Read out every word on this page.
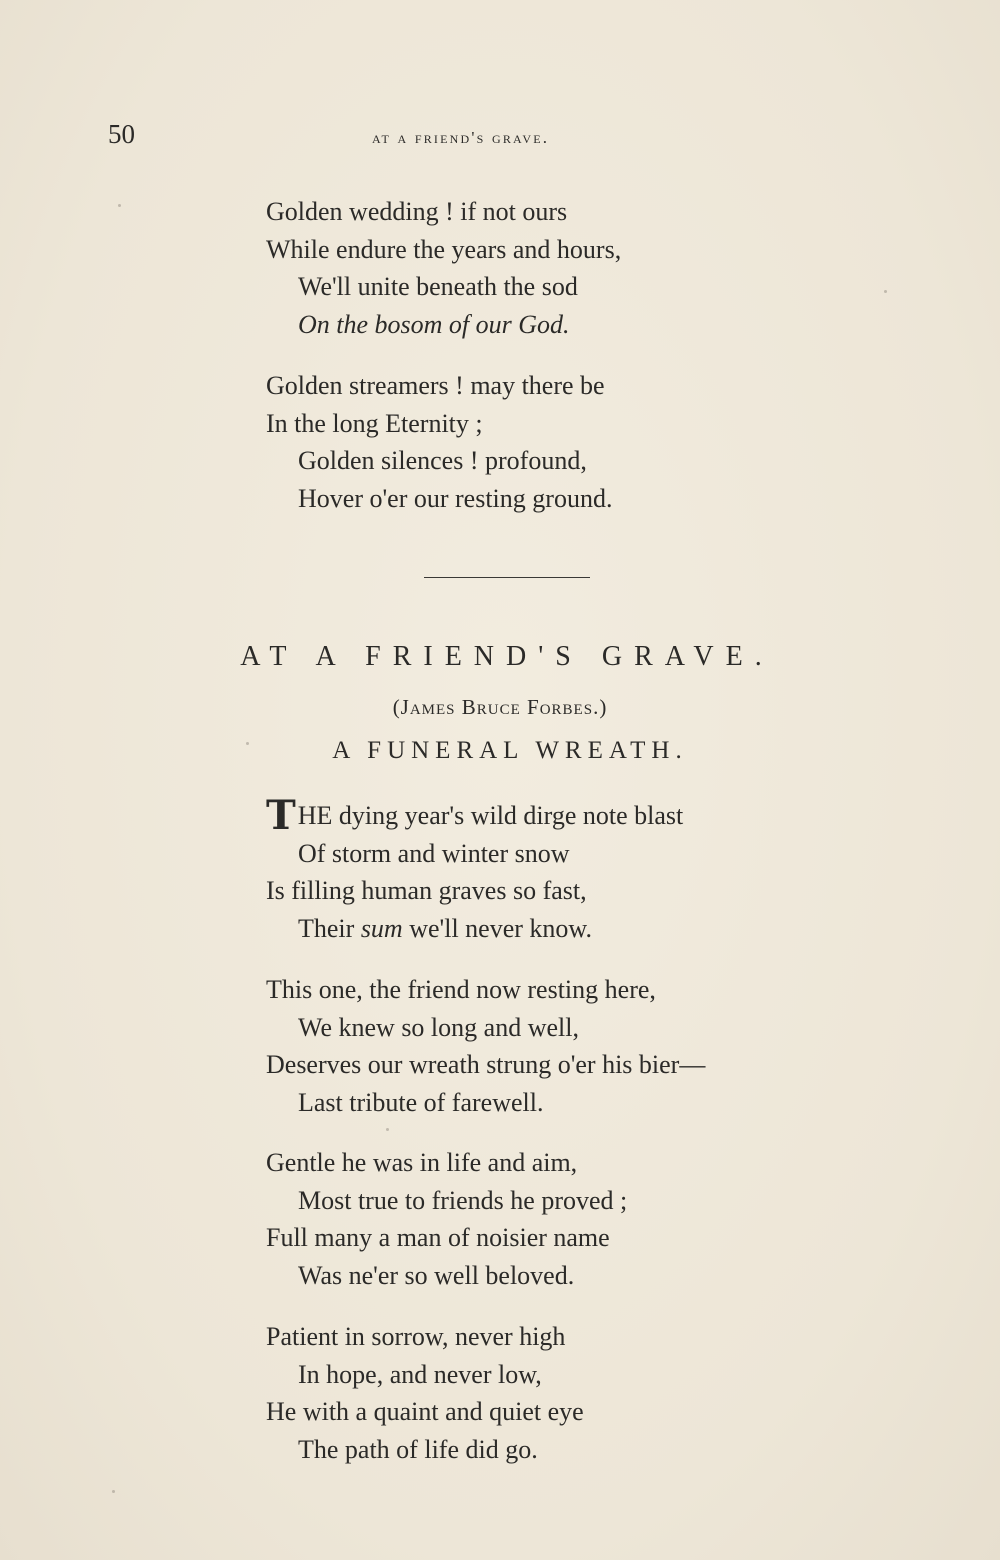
50	at a friend's grave.
Golden wedding ! if not ours
While endure the years and hours,
We'll unite beneath the sod
On the bosom of our God.
Golden streamers ! may there be
In the long Eternity ;
Golden silences ! profound,
Hover o'er our resting ground.
AT A FRIEND'S GRAVE.
(James Bruce Forbes.)
A FUNERAL WREATH.
THE dying year's wild dirge note blast
Of storm and winter snow
Is filling human graves so fast,
Their sum we'll never know.
This one, the friend now resting here,
We knew so long and well,
Deserves our wreath strung o'er his bier—
Last tribute of farewell.
Gentle he was in life and aim,
Most true to friends he proved ;
Full many a man of noisier name
Was ne'er so well beloved.
Patient in sorrow, never high
In hope, and never low,
He with a quaint and quiet eye
The path of life did go.
